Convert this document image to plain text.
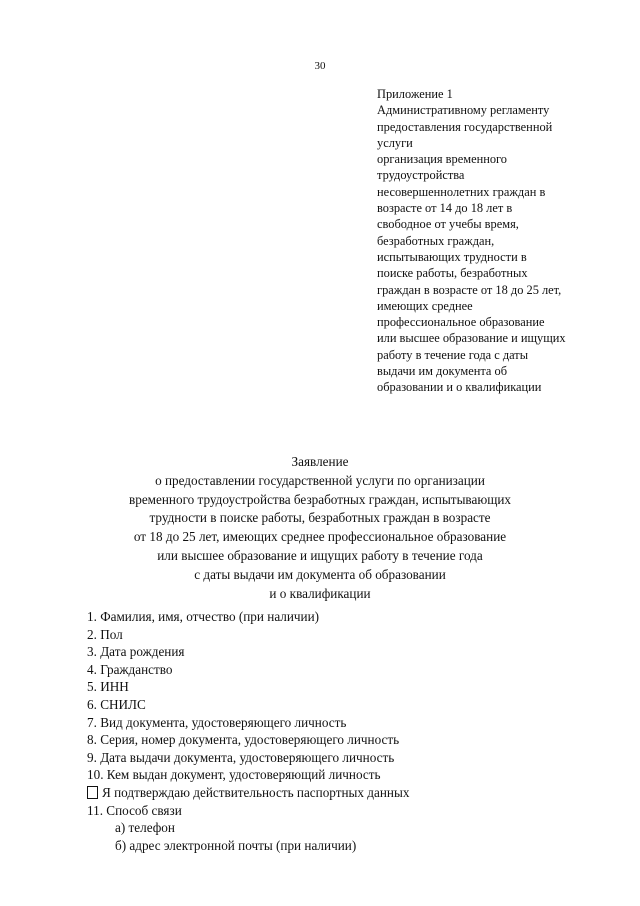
30
Приложение 1
Административному регламенту
предоставления государственной
услуги
организация временного
трудоустройства
несовершеннолетних граждан в
возрасте от 14 до 18 лет в
свободное от учебы время,
безработных граждан,
испытывающих трудности в
поиске работы, безработных
граждан в возрасте от 18 до 25 лет,
имеющих среднее
профессиональное образование
или высшее образование и ищущих
работу в течение года с даты
выдачи им документа об
образовании и о квалификации
Заявление
о предоставлении государственной услуги по организации
временного трудоустройства безработных граждан, испытывающих
трудности в поиске работы, безработных граждан в возрасте
от 18 до 25 лет, имеющих среднее профессиональное образование
или высшее образование и ищущих работу в течение года
с даты выдачи им документа об образовании
и о квалификации
1. Фамилия, имя, отчество (при наличии)
2. Пол
3. Дата рождения
4. Гражданство
5. ИНН
6. СНИЛС
7. Вид документа, удостоверяющего личность
8. Серия, номер документа, удостоверяющего личность
9. Дата выдачи документа, удостоверяющего личность
10. Кем выдан документ, удостоверяющий личность
Я подтверждаю действительность паспортных данных
11. Способ связи
а) телефон
б) адрес электронной почты (при наличии)
